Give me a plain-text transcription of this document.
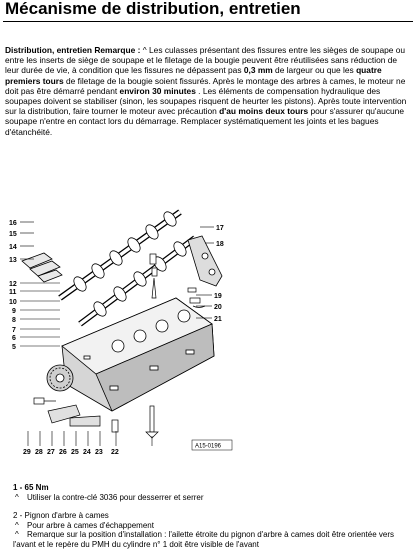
Mécanisme de distribution, entretien
Distribution, entretien Remarque : ^ Les culasses présentant des fissures entre les sièges de soupape ou entre les inserts de siège de soupape et le filetage de la bougie peuvent être réutilisées sans réduction de leur durée de vie, à condition que les fissures ne dépassent pas 0,3 mm de largeur ou que les quatre premiers tours de filetage de la bougie soient fissurés. Après le montage des arbres à cames, le moteur ne doit pas être démarré pendant environ 30 minutes . Les éléments de compensation hydraulique des soupapes doivent se stabiliser (sinon, les soupapes risquent de heurter les pistons). Après toute intervention sur la distribution, faire tourner le moteur avec précaution d'au moins deux tours pour s'assurer qu'aucune soupape n'entre en contact lors du démarrage. Remplacer systématiquement les joints et les bagues d'étanchéité.
16
15
14
13
12
11
10
9
8
7
6
5
17
18
19
20
21
29 28 27 26 25 24 23 22
A15-0196
1 - 65 Nm
^ Utiliser la contre-clé 3036 pour desserrer et serrer
2 - Pignon d'arbre à cames
^ Pour arbre à cames d'échappement
^ Remarque sur la position d'installation : l'ailette étroite du pignon d'arbre à cames doit être orientée vers l'avant et le repère du PMH du cylindre n° 1 doit être visible de l'avant
